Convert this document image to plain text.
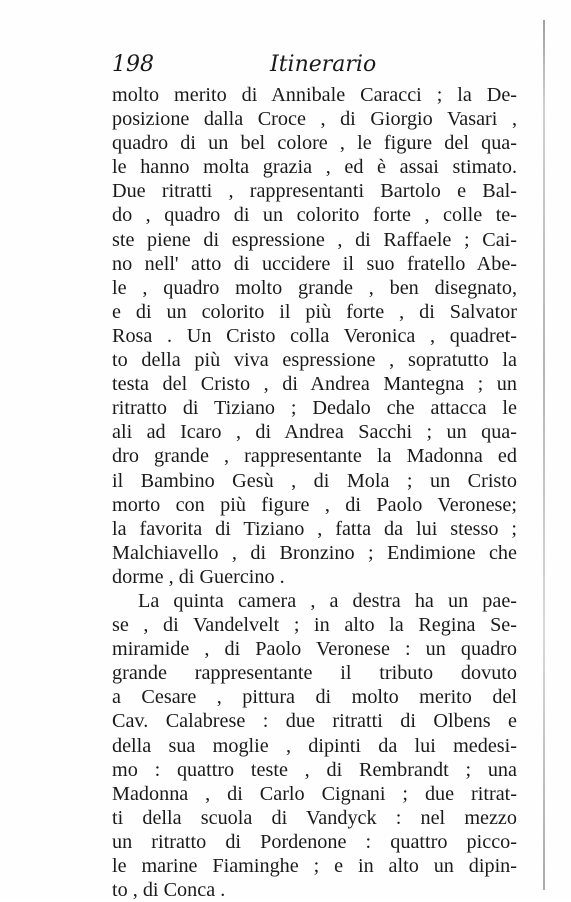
198	Itinerario
molto merito di Annibale Caracci ; la De-
posizione dalla Croce , di Giorgio Vasari ,
quadro di un bel colore , le figure del qua-
le hanno molta grazia , ed è assai stimato.
Due ritratti , rappresentanti Bartolo e Bal-
do , quadro di un colorito forte , colle te-
ste piene di espressione , di Raffaele ; Cai-
no nell' atto di uccidere il suo fratello Abe-
le , quadro molto grande , ben disegnato,
e di un colorito il più forte , di Salvator
Rosa . Un Cristo colla Veronica , quadret-
to della più viva espressione , sopratutto la
testa del Cristo , di Andrea Mantegna ; un
ritratto di Tiziano ; Dedalo che attacca le
ali ad Icaro , di Andrea Sacchi ; un qua-
dro grande , rappresentante la Madonna ed
il Bambino Gesù , di Mola ; un Cristo
morto con più figure , di Paolo Veronese;
la favorita di Tiziano , fatta da lui stesso ;
Malchiavello , di Bronzino ; Endimione che
dorme , di Guercino .
La quinta camera , a destra ha un pae-
se , di Vandelvelt ; in alto la Regina Se-
miramide , di Paolo Veronese : un quadro
grande rappresentante il tributo dovuto
a Cesare , pittura di molto merito del
Cav. Calabrese : due ritratti di Olbens e
della sua moglie , dipinti da lui medesi-
mo : quattro teste , di Rembrandt ; una
Madonna , di Carlo Cignani ; due ritrat-
ti della scuola di Vandyck : nel mezzo
un ritratto di Pordenone : quattro picco-
le marine Fiaminghe ; e in alto un dipin-
to , di Conca .
